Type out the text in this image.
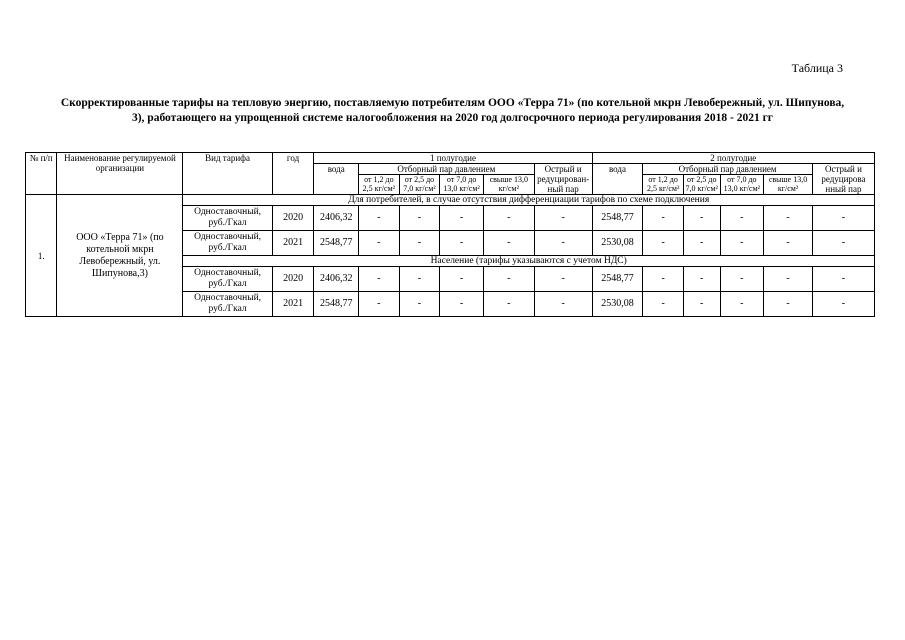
Таблица 3
Скорректированные тарифы на тепловую энергию, поставляемую потребителям ООО «Терра 71» (по котельной мкрн Левобережный, ул. Шипунова, 3), работающего на упрощенной системе налогообложения на 2020 год долгосрочного периода регулирования 2018 - 2021 гг
№ п/п	Наименование регулируемой организации	Вид тарифа	год	1 полугодие						2 полугодие					
				вода	Отборный пар давлением				Острый и редуцированный пар	вода	Отборный пар давлением				Острый и редуцирова нный пар
					от 1,2 до 2,5 кг/см²	от 2,5 до 7,0 кг/см²	от 7,0 до 13,0 кг/см²	свыше 13,0 кг/см²			от 1,2 до 2,5 кг/см²	от 2,5 до 7,0 кг/см²	от 7,0 до 13,0 кг/см²	свыше 13,0 кг/см²	

1.	ООО «Терра 71» (по котельной мкрн Левобережный, ул. Шипунова,3)	Для потребителей, в случае отсутствия дифференциации тарифов по схеме подключения													
		Одноставочный, руб./Гкал	2020	2406,32	-	-	-	-	-	2548,77	-	-	-	-	-
		Одноставочный, руб./Гкал	2021	2548,77	-	-	-	-	-	2530,08	-	-	-	-	-
		Население (тарифы указываются с учетом НДС)													
		Одноставочный, руб./Гкал	2020	2406,32	-	-	-	-	-	2548,77	-	-	-	-	-
		Одноставочный, руб./Гкал	2021	2548,77	-	-	-	-	-	2530,08	-	-	-	-	-
